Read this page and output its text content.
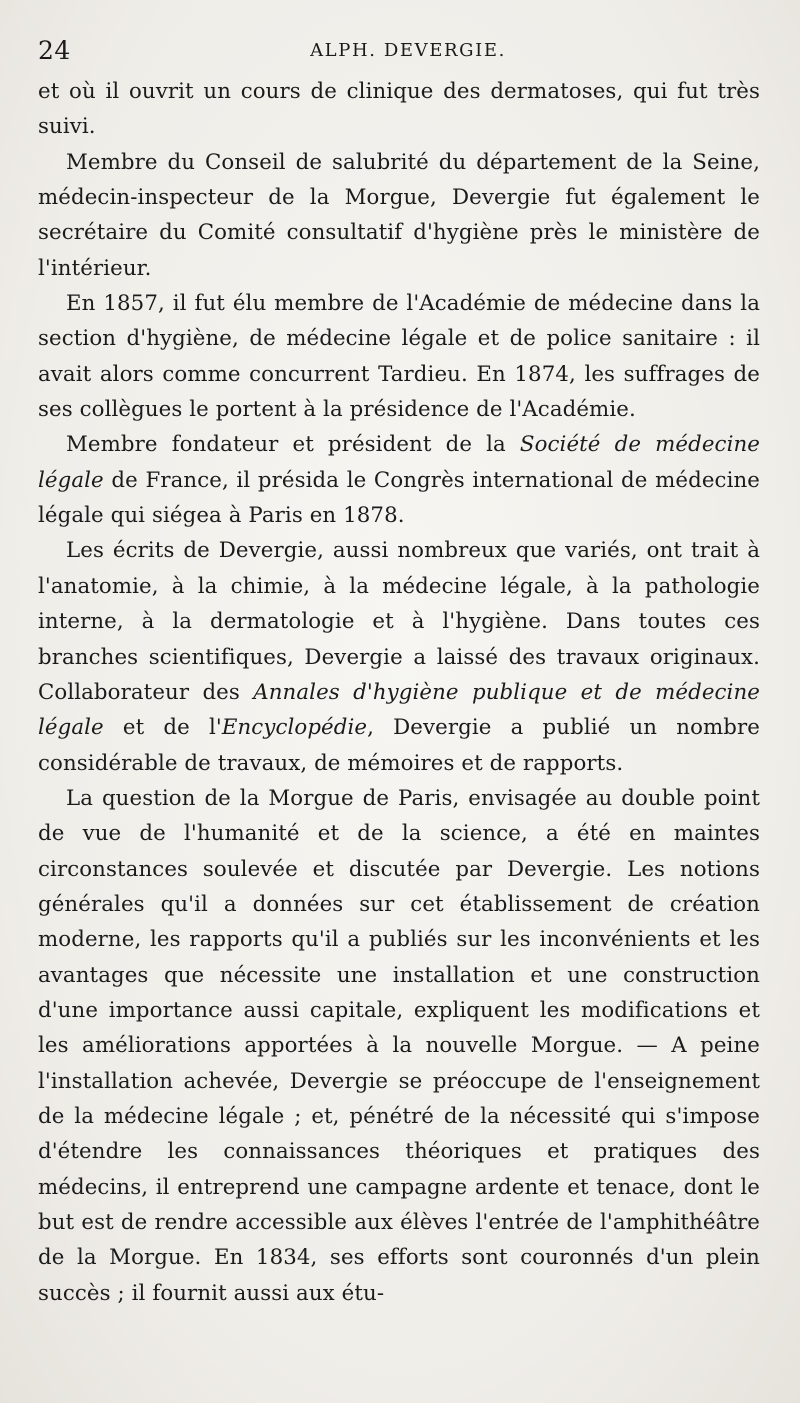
24	ALPH. DEVERGIE.

et où il ouvrit un cours de clinique des dermatoses, qui fut très suivi.

Membre du Conseil de salubrité du département de la Seine, médecin-inspecteur de la Morgue, Devergie fut également le secrétaire du Comité consultatif d'hygiène près le ministère de l'intérieur.

En 1857, il fut élu membre de l'Académie de médecine dans la section d'hygiène, de médecine légale et de police sanitaire : il avait alors comme concurrent Tardieu. En 1874, les suffrages de ses collègues le portent à la présidence de l'Académie.

Membre fondateur et président de la Société de médecine légale de France, il présida le Congrès international de médecine légale qui siégea à Paris en 1878.

Les écrits de Devergie, aussi nombreux que variés, ont trait à l'anatomie, à la chimie, à la médecine légale, à la pathologie interne, à la dermatologie et à l'hygiène. Dans toutes ces branches scientifiques, Devergie a laissé des travaux originaux. Collaborateur des Annales d'hygiène publique et de médecine légale et de l'Encyclopédie, Devergie a publié un nombre considérable de travaux, de mémoires et de rapports.

La question de la Morgue de Paris, envisagée au double point de vue de l'humanité et de la science, a été en maintes circonstances soulevée et discutée par Devergie. Les notions générales qu'il a données sur cet établissement de création moderne, les rapports qu'il a publiés sur les inconvénients et les avantages que nécessite une installation et une construction d'une importance aussi capitale, expliquent les modifications et les améliorations apportées à la nouvelle Morgue. — A peine l'installation achevée, Devergie se préoccupe de l'enseignement de la médecine légale ; et, pénétré de la nécessité qui s'impose d'étendre les connaissances théoriques et pratiques des médecins, il entreprend une campagne ardente et tenace, dont le but est de rendre accessible aux élèves l'entrée de l'amphithéâtre de la Morgue. En 1834, ses efforts sont couronnés d'un plein succès ; il fournit aussi aux étu-
